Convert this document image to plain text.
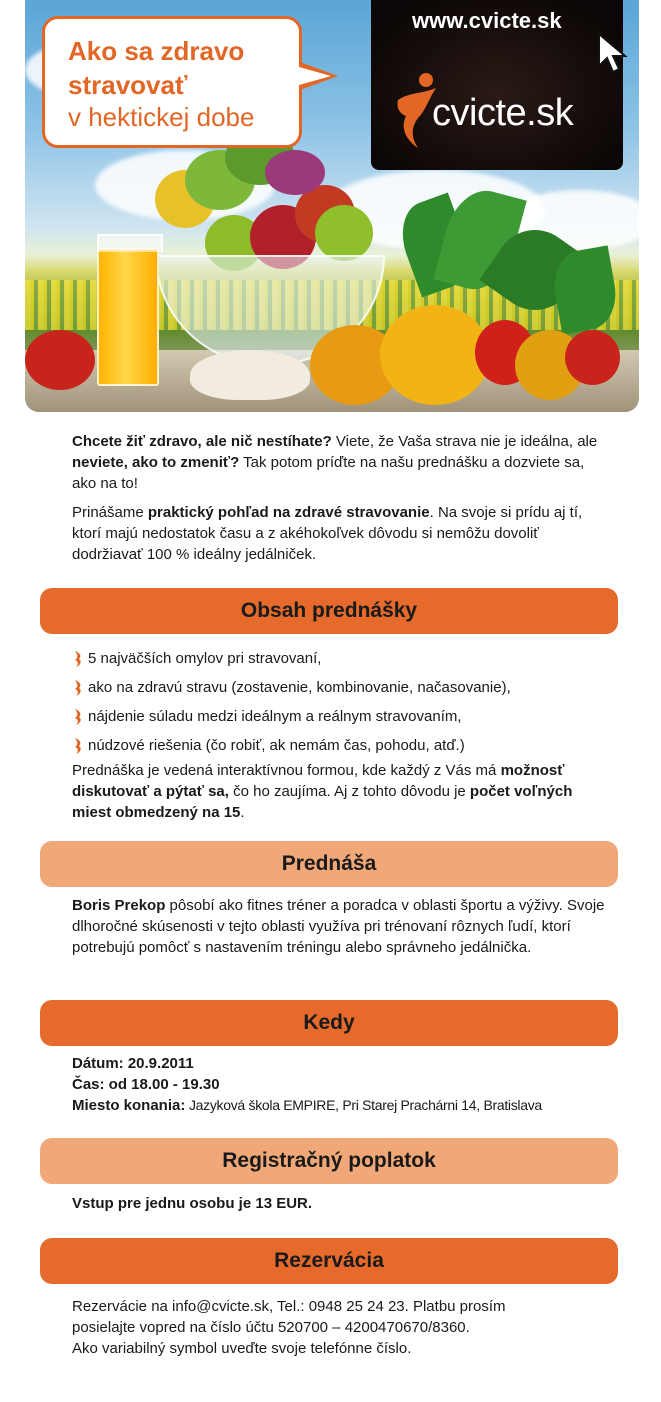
Ako sa zdravo
stravovať
v hektickej dobe
www.cvicte.sk
cvicte.sk
Chcete žiť zdravo, ale nič nestíhate? Viete, že Vaša strava nie je ideálna, ale neviete, ako to zmeniť? Tak potom príďte na našu prednášku a dozviete sa, ako na to!
Prinášame praktický pohľad na zdravé stravovanie. Na svoje si prídu aj tí, ktorí majú nedostatok času a z akéhokoľvek dôvodu si nemôžu dovoliť dodržiavať 100 % ideálny jedálniček.
Obsah prednášky
5 najväčších omylov pri stravovaní,
ako na zdravú stravu (zostavenie, kombinovanie, načasovanie),
nájdenie súladu medzi ideálnym a reálnym stravovaním,
núdzové riešenia (čo robiť, ak nemám čas, pohodu, atď.)
Prednáška je vedená interaktívnou formou, kde každý z Vás má možnosť diskutovať a pýtať sa, čo ho zaujíma. Aj z tohto dôvodu je počet voľných miest obmedzený na 15.
Prednáša
Boris Prekop pôsobí ako fitnes tréner a poradca v oblasti športu a výživy. Svoje dlhoročné skúsenosti v tejto oblasti využíva pri trénovaní rôznych ľudí, ktorí potrebujú pomôcť s nastavením tréningu alebo správneho jedálnička.
Kedy
Dátum: 20.9.2011
Čas: od 18.00 - 19.30
Miesto konania: Jazyková škola EMPIRE, Pri Starej Prachárni 14, Bratislava
Registračný poplatok
Vstup pre jednu osobu je 13 EUR.
Rezervácia
Rezervácie na info@cvicte.sk, Tel.: 0948 25 24 23. Platbu prosím
posielajte vopred na číslo účtu 520700 – 4200470670/8360.
Ako variabilný symbol uveďte svoje telefónne číslo.
